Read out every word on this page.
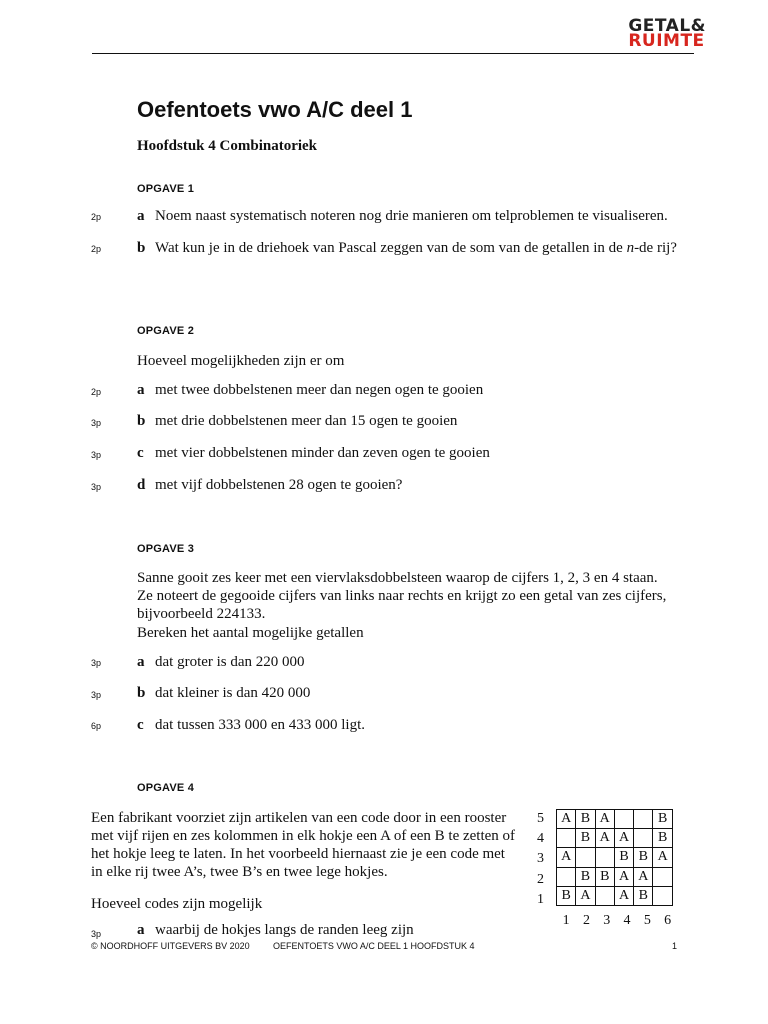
GETAL&
RUIMTE
Oefentoets vwo A/C deel 1
Hoofdstuk 4 Combinatoriek
OPGAVE 1
2p a Noem naast systematisch noteren nog drie manieren om telproblemen te visualiseren.
2p b Wat kun je in de driehoek van Pascal zeggen van de som van de getallen in de n-de rij?
OPGAVE 2
Hoeveel mogelijkheden zijn er om
2p a met twee dobbelstenen meer dan negen ogen te gooien
3p b met drie dobbelstenen meer dan 15 ogen te gooien
3p c met vier dobbelstenen minder dan zeven ogen te gooien
3p d met vijf dobbelstenen 28 ogen te gooien?
OPGAVE 3
Sanne gooit zes keer met een viervlaksdobbelsteen waarop de cijfers 1, 2, 3 en 4 staan. Ze noteert de gegooide cijfers van links naar rechts en krijgt zo een getal van zes cijfers, bijvoorbeeld 224133.
Bereken het aantal mogelijke getallen
3p a dat groter is dan 220 000
3p b dat kleiner is dan 420 000
6p c dat tussen 333 000 en 433 000 ligt.
OPGAVE 4
Een fabrikant voorziet zijn artikelen van een code door in een rooster met vijf rijen en zes kolommen in elk hokje een A of een B te zetten of het hokje leeg te laten. In het voorbeeld hiernaast zie je een code met in elke rij twee A’s, twee B’s en twee lege hokjes.
Hoeveel codes zijn mogelijk
3p a waarbij de hokjes langs de randen leeg zijn
5
4
3
2
1
A	B	A			B
	B	A	A		B
A			B	B	A
	B	B	A	A	
B	A		A	B	
1 2 3 4 5 6
© NOORDHOFF UITGEVERS BV 2020	OEFENTOETS VWO A/C DEEL 1 HOOFDSTUK 4	1
